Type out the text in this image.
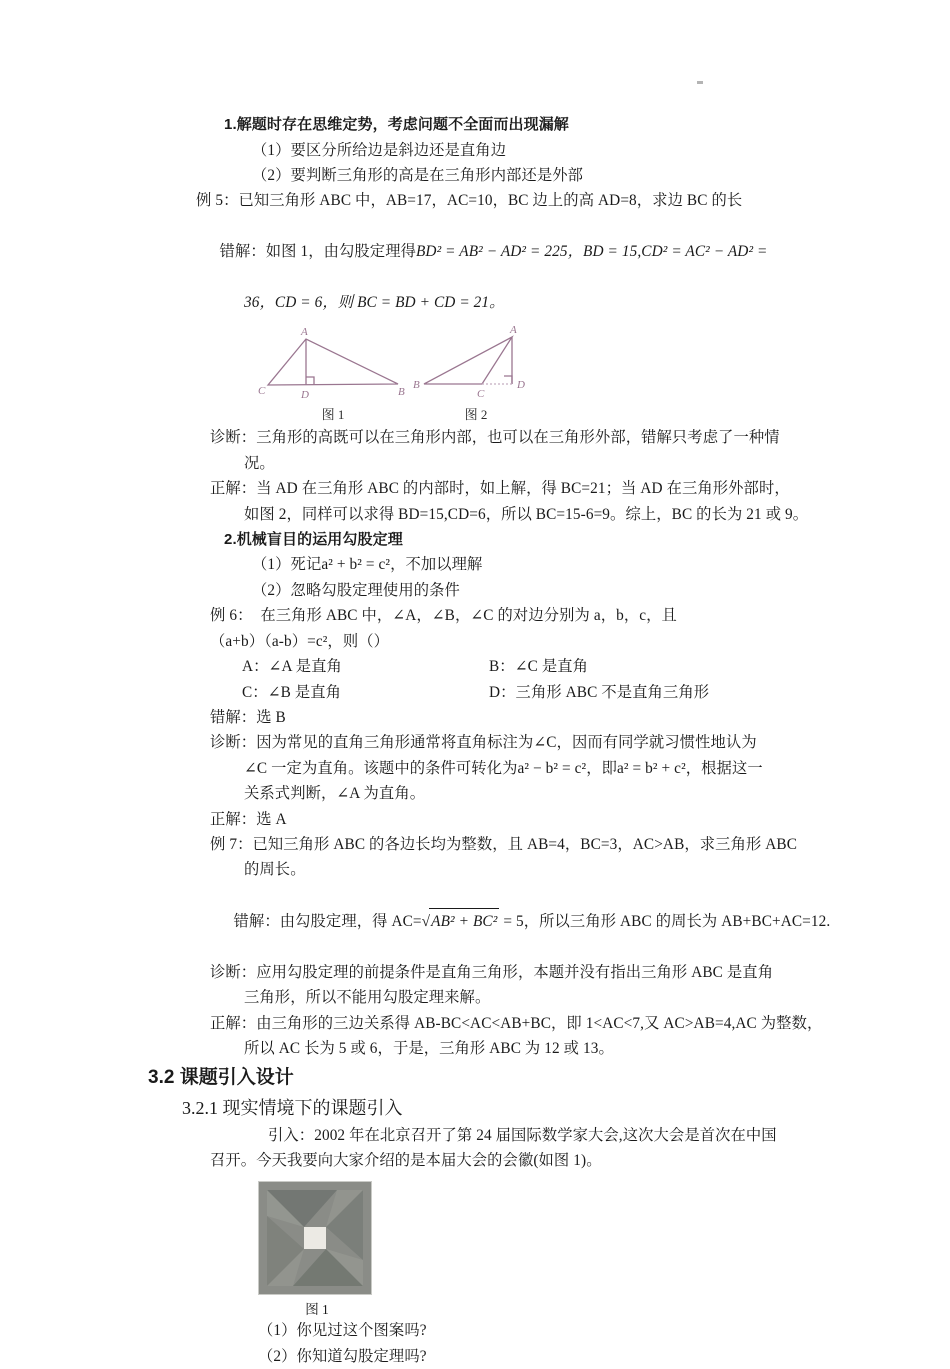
1.解题时存在思维定势，考虑问题不全面而出现漏解
（1）要区分所给边是斜边还是直角边
（2）要判断三角形的高是在三角形内部还是外部
例 5：已知三角形 ABC 中，AB=17，AC=10，BC 边上的高 AD=8，求边 BC 的长

错解：如图 1，由勾股定理得BD² = AB² − AD² = 225，BD = 15,CD² = AC² − AD² =

36，CD = 6，则 BC = BD + CD = 21。
A
B
C	D
图 1
A
B
C
D
图 2
诊断：三角形的高既可以在三角形内部，也可以在三角形外部，错解只考虑了一种情
况。
正解：当 AD 在三角形 ABC 的内部时，如上解，得 BC=21；当 AD 在三角形外部时，
如图 2，同样可以求得 BD=15,CD=6，所以 BC=15-6=9。综上，BC 的长为 21 或 9。
2.机械盲目的运用勾股定理
（1）死记a² + b² = c²，不加以理解
（2）忽略勾股定理使用的条件
例 6：  在三角形 ABC 中，∠A，∠B，∠C 的对边分别为 a，b，c，且
（a+b）（a-b）=c²，则（）
A：∠A 是直角	B：∠C 是直角
C：∠B 是直角	D：三角形 ABC 不是直角三角形
错解：选 B
诊断：因为常见的直角三角形通常将直角标注为∠C，因而有同学就习惯性地认为
∠C 一定为直角。该题中的条件可转化为a² − b² = c²，即a² = b² + c²，根据这一
关系式判断，∠A 为直角。
正解：选 A
例 7：已知三角形 ABC 的各边长均为整数，且 AB=4，BC=3，AC>AB，求三角形 ABC
的周长。

错解：由勾股定理，得 AC=√AB² + BC² = 5，所以三角形 ABC 的周长为 AB+BC+AC=12.

诊断：应用勾股定理的前提条件是直角三角形，本题并没有指出三角形 ABC 是直角
三角形，所以不能用勾股定理来解。
正解：由三角形的三边关系得 AB-BC<AC<AB+BC，即 1<AC<7,又 AC>AB=4,AC 为整数，
所以 AC 长为 5 或 6，于是，三角形 ABC 为 12 或 13。
3.2 课题引入设计
3.2.1 现实情境下的课题引入
引入：2002 年在北京召开了第 24 届国际数学家大会,这次大会是首次在中国
召开。今天我要向大家介绍的是本届大会的会徽(如图 1)。
图 1
（1）你见过这个图案吗?
（2）你知道勾股定理吗?
